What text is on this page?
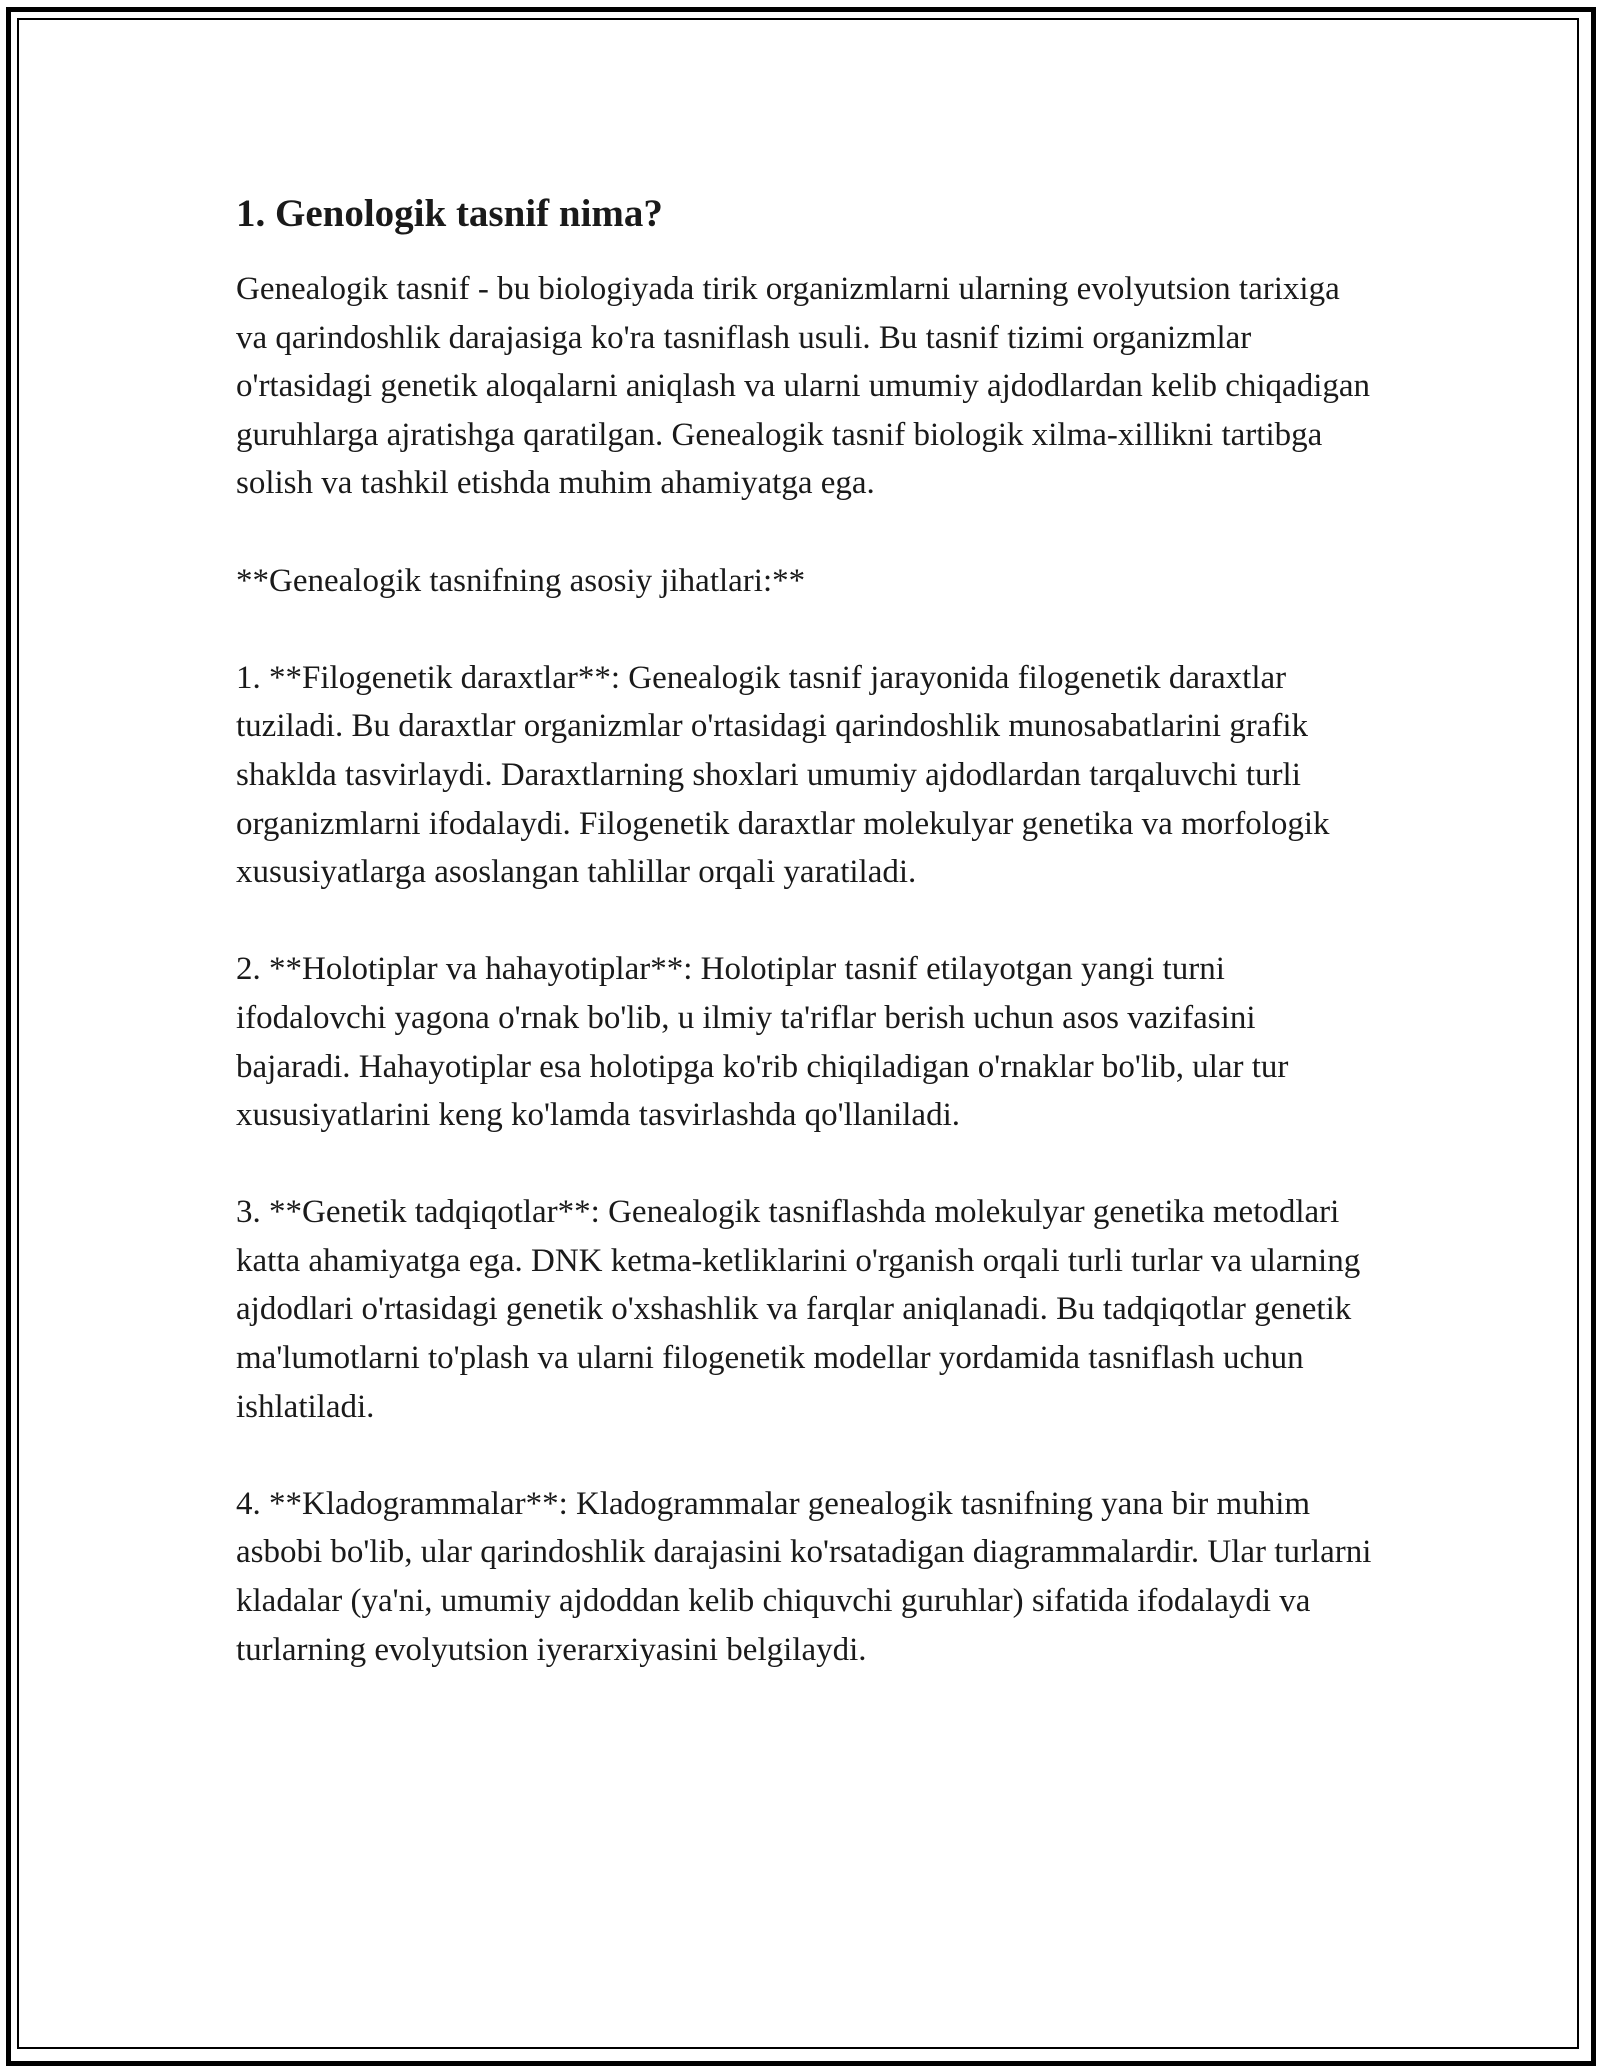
1. Genologik tasnif nima?

Genealogik tasnif - bu biologiyada tirik organizmlarni ularning evolyutsion tarixiga va qarindoshlik darajasiga ko'ra tasniflash usuli. Bu tasnif tizimi organizmlar o'rtasidagi genetik aloqalarni aniqlash va ularni umumiy ajdodlardan kelib chiqadigan guruhlarga ajratishga qaratilgan. Genealogik tasnif biologik xilma-xillikni tartibga solish va tashkil etishda muhim ahamiyatga ega.

**Genealogik tasnifning asosiy jihatlari:**

1. **Filogenetik daraxtlar**: Genealogik tasnif jarayonida filogenetik daraxtlar tuziladi. Bu daraxtlar organizmlar o'rtasidagi qarindoshlik munosabatlarini grafik shaklda tasvirlaydi. Daraxtlarning shoxlari umumiy ajdodlardan tarqaluvchi turli organizmlarni ifodalaydi. Filogenetik daraxtlar molekulyar genetika va morfologik xususiyatlarga asoslangan tahlillar orqali yaratiladi.

2. **Holotiplar va hahayotiplar**: Holotiplar tasnif etilayotgan yangi turni ifodalovchi yagona o'rnak bo'lib, u ilmiy ta'riflar berish uchun asos vazifasini bajaradi. Hahayotiplar esa holotipga ko'rib chiqiladigan o'rnaklar bo'lib, ular tur xususiyatlarini keng ko'lamda tasvirlashda qo'llaniladi.

3. **Genetik tadqiqotlar**: Genealogik tasniflashda molekulyar genetika metodlari katta ahamiyatga ega. DNK ketma-ketliklarini o'rganish orqali turli turlar va ularning ajdodlari o'rtasidagi genetik o'xshashlik va farqlar aniqlanadi. Bu tadqiqotlar genetik ma'lumotlarni to'plash va ularni filogenetik modellar yordamida tasniflash uchun ishlatiladi.

4. **Kladogrammalar**: Kladogrammalar genealogik tasnifning yana bir muhim asbobi bo'lib, ular qarindoshlik darajasini ko'rsatadigan diagrammalardir. Ular turlarni kladalar (ya'ni, umumiy ajdoddan kelib chiquvchi guruhlar) sifatida ifodalaydi va turlarning evolyutsion iyerarxiyasini belgilaydi.
